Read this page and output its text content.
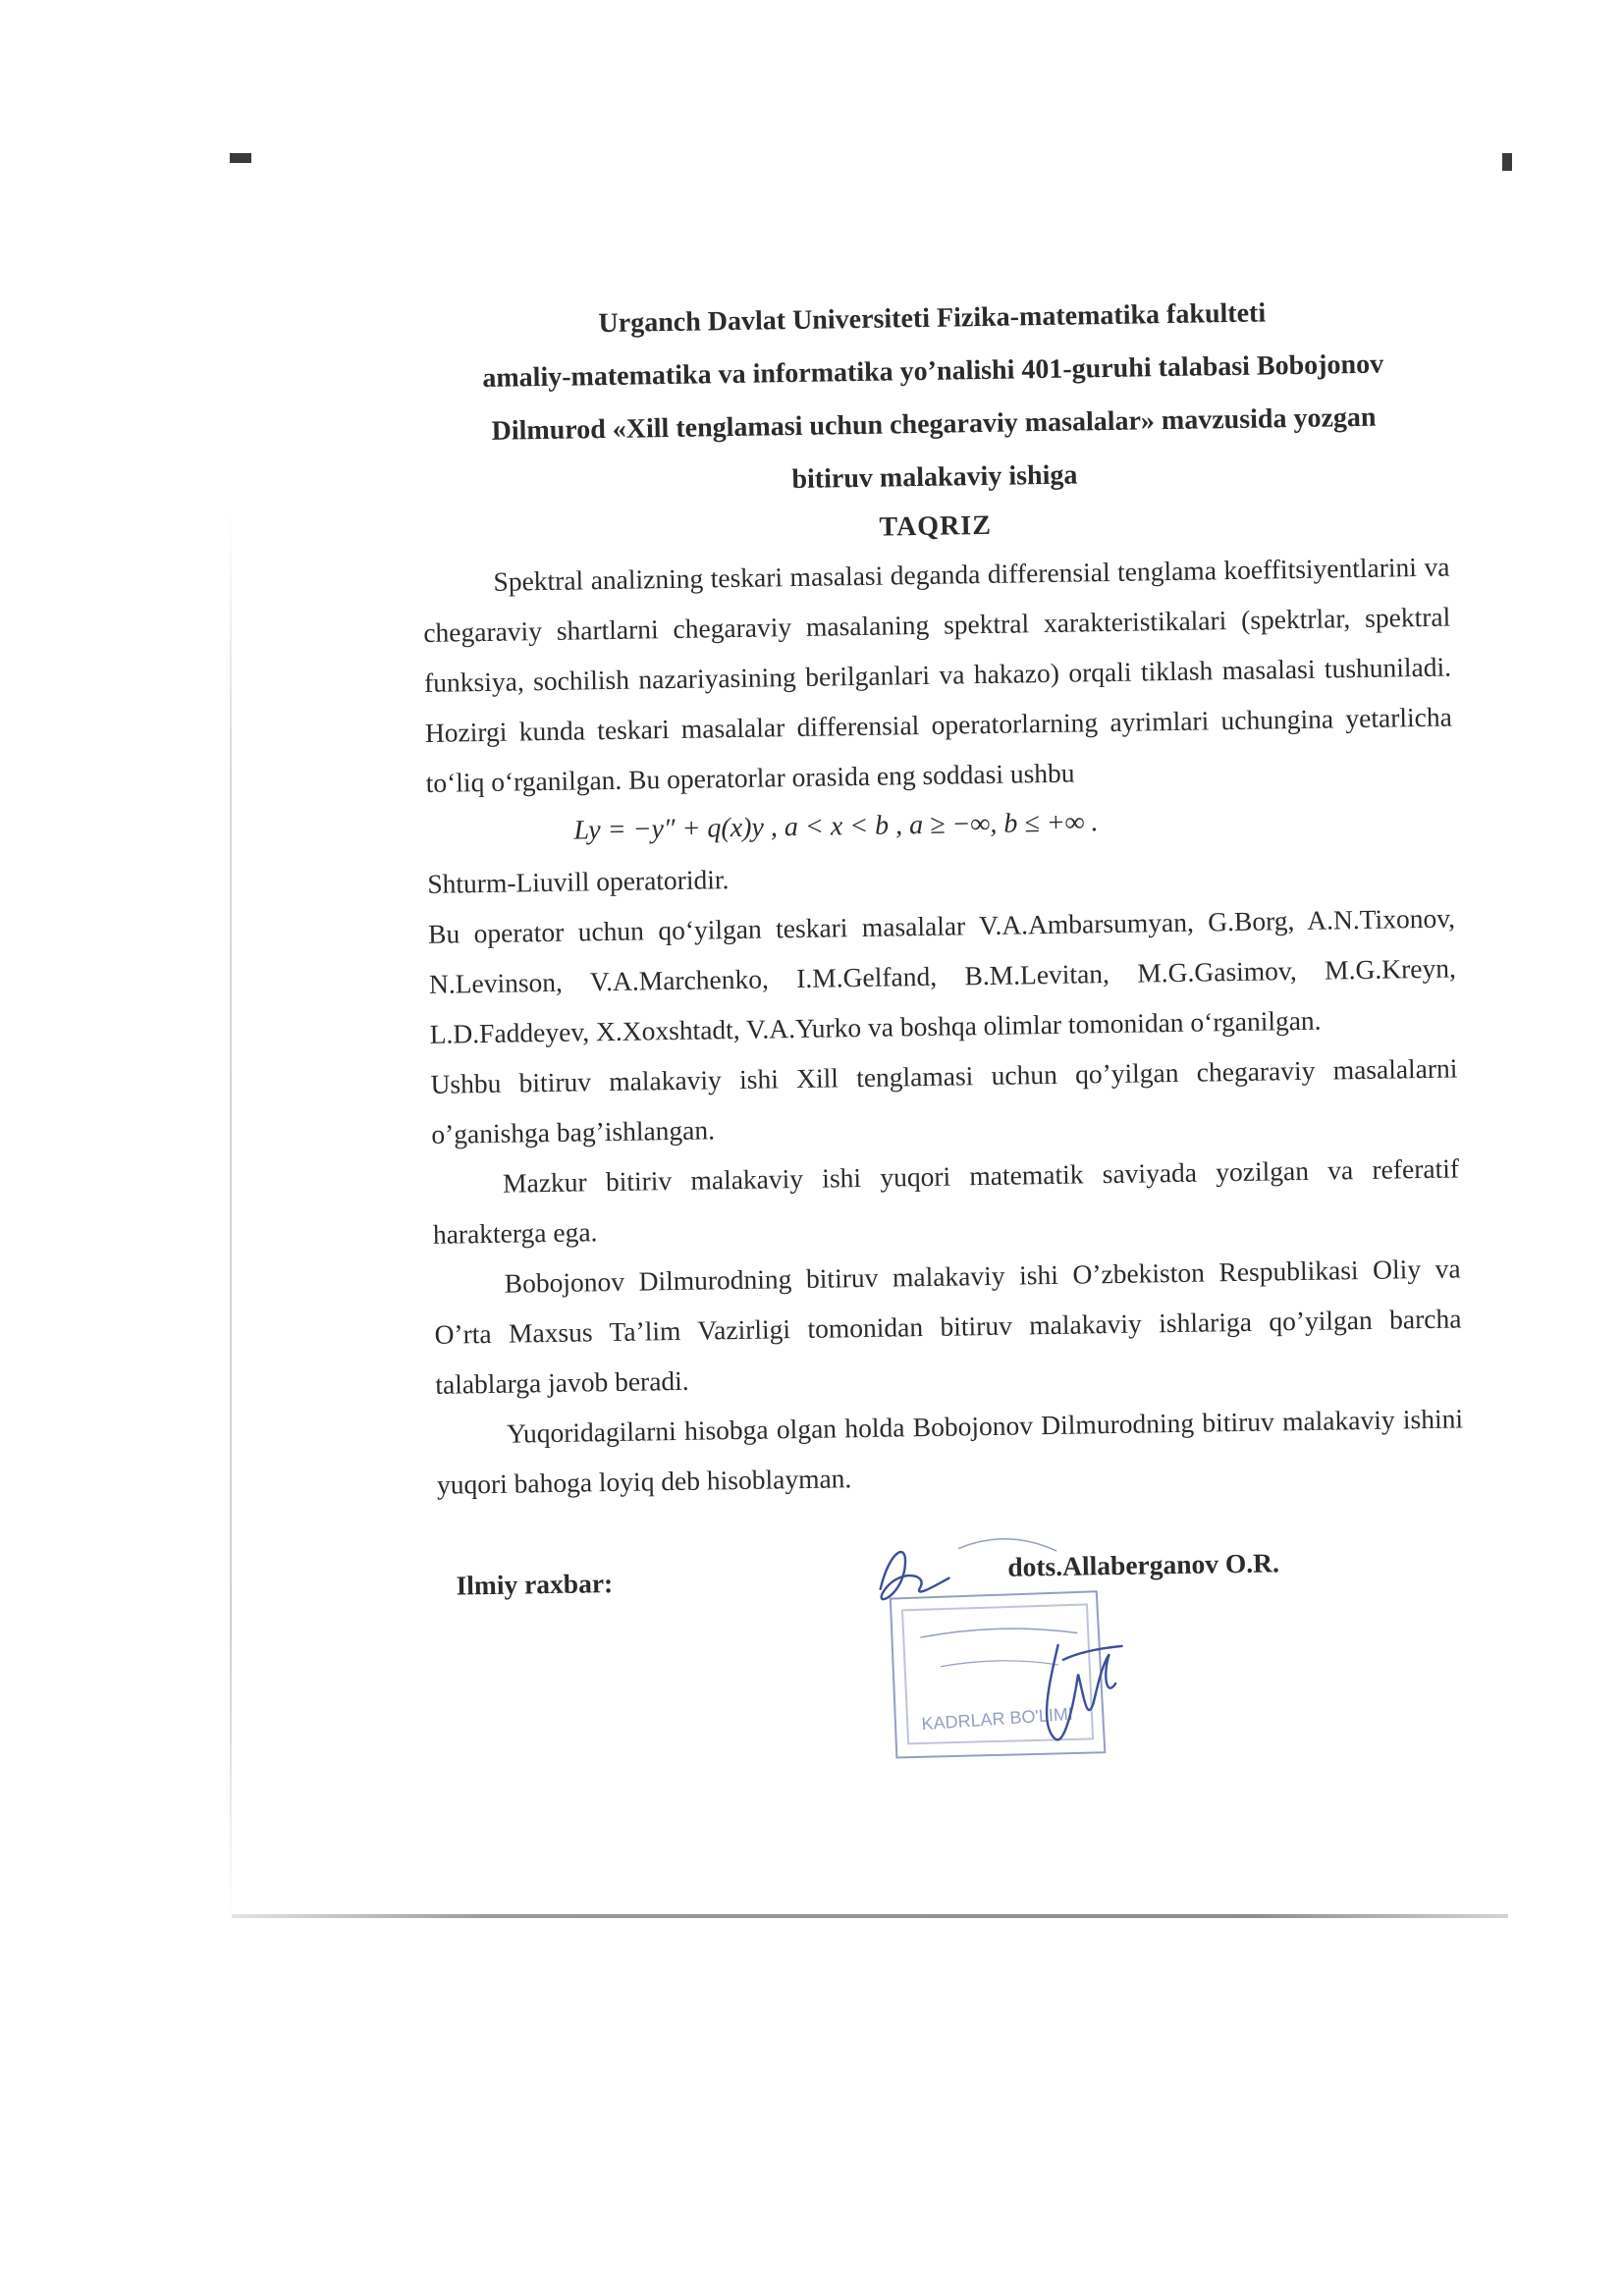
Urganch Davlat Universiteti Fizika-matematika fakulteti
amaliy-matematika va informatika yo’nalishi 401-guruhi talabasi Bobojonov
Dilmurod «Xill tenglamasi uchun chegaraviy masalalar» mavzusida yozgan
bitiruv malakaviy ishiga
TAQRIZ

Spektral analizning teskari masalasi deganda differensial tenglama koeffitsiyentlarini va chegaraviy shartlarni chegaraviy masalaning spektral xarakteristikalari (spektrlar, spektral funksiya, sochilish nazariyasining berilganlari va hakazo) orqali tiklash masalasi tushuniladi. Hozirgi kunda teskari masalalar differensial operatorlarning ayrimlari uchungina yetarlicha to‘liq o‘rganilgan. Bu operatorlar orasida eng soddasi ushbu

Ly = −y″ + q(x)y , a < x < b , a ≥ −∞, b ≤ +∞ .

Shturm-Liuvill operatoridir.

Bu operator uchun qo‘yilgan teskari masalalar V.A.Ambarsumyan, G.Borg, A.N.Tixonov, N.Levinson, V.A.Marchenko, I.M.Gelfand, B.M.Levitan, M.G.Gasimov, M.G.Kreyn, L.D.Faddeyev, X.Xoxshtadt, V.A.Yurko va boshqa olimlar tomonidan o‘rganilgan.

Ushbu bitiruv malakaviy ishi Xill tenglamasi uchun qo’yilgan chegaraviy masalalarni o’ganishga bag’ishlangan.

Mazkur bitiriv malakaviy ishi yuqori matematik saviyada yozilgan va referatif harakterga ega.

Bobojonov Dilmurodning bitiruv malakaviy ishi O’zbekiston Respublikasi Oliy va O’rta Maxsus Ta’lim Vazirligi tomonidan bitiruv malakaviy ishlariga qo’yilgan barcha talablarga javob beradi.

Yuqoridagilarni hisobga olgan holda Bobojonov Dilmurodning bitiruv malakaviy ishini yuqori bahoga loyiq deb hisoblayman.

Ilmiy raxbar:
KADRLAR BO'LIMI
dots.Allaberganov O.R.
